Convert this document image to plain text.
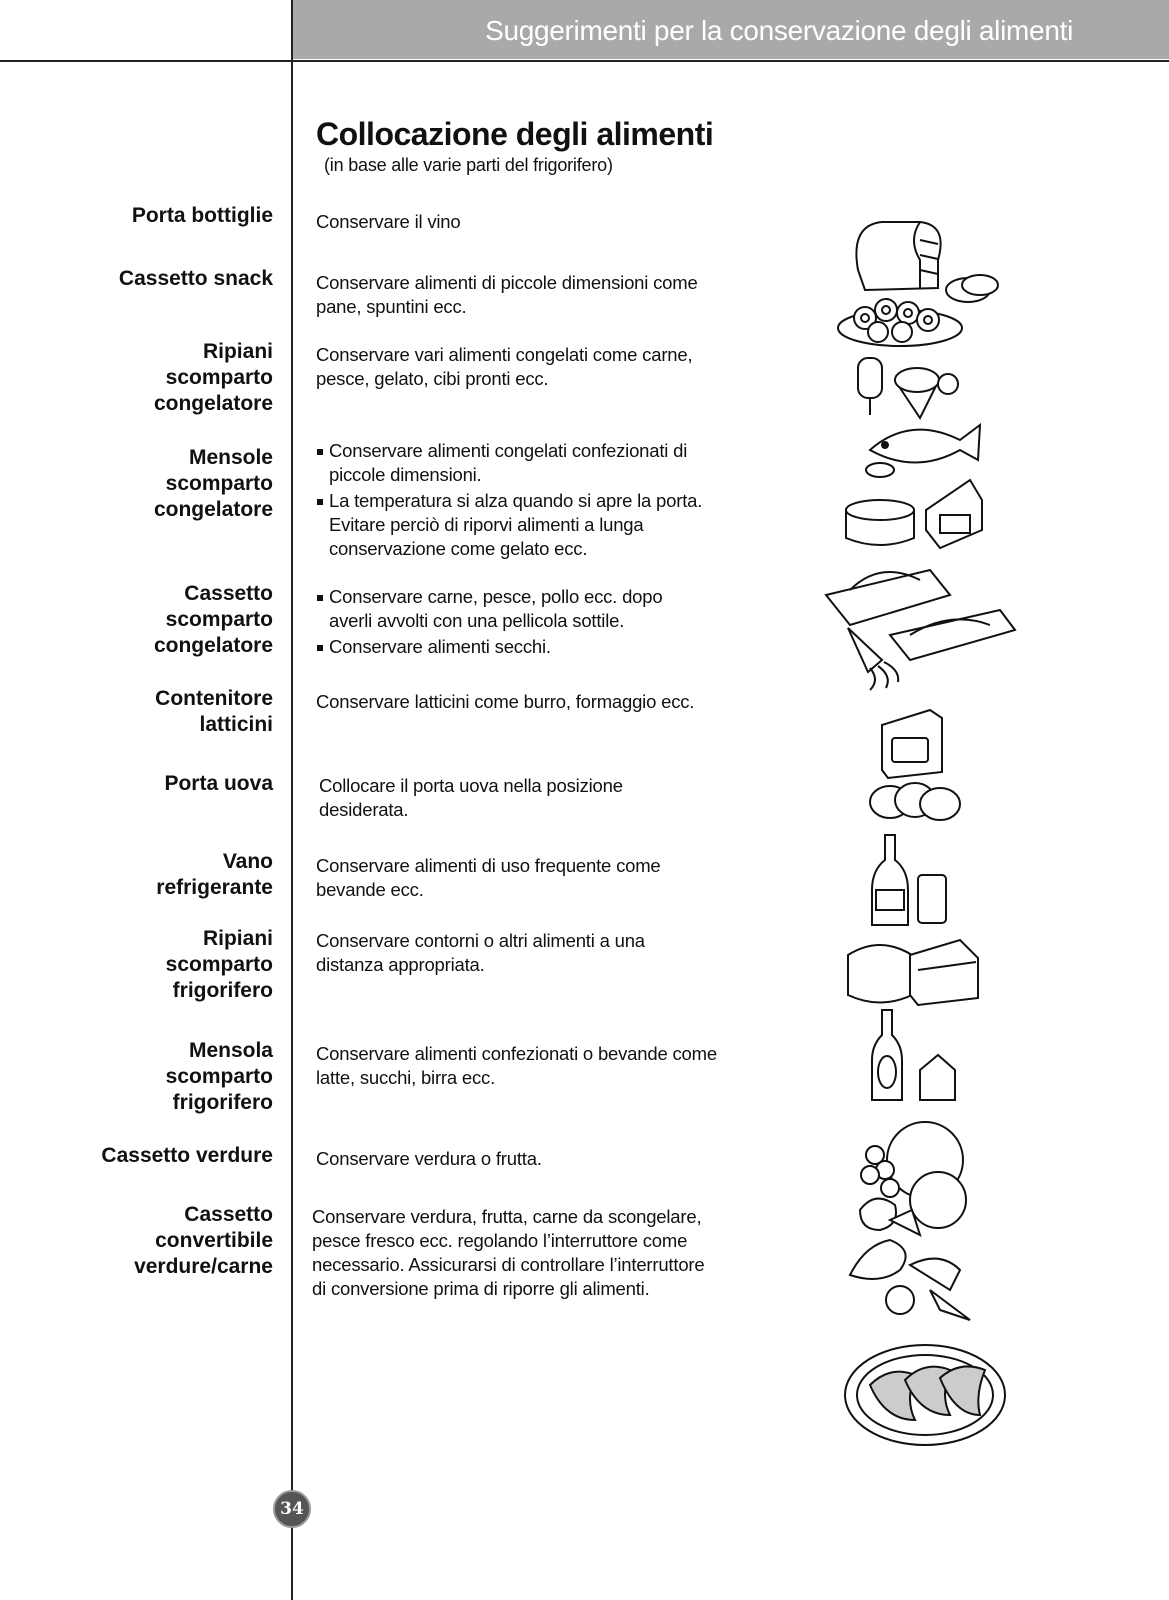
Suggerimenti per la conservazione degli alimenti
Collocazione degli alimenti
(in base alle varie parti del frigorifero)
Porta bottiglie
Cassetto snack
Ripiani
scomparto
congelatore
Mensole
scomparto
congelatore
Cassetto
scomparto
congelatore
Contenitore
latticini
Porta uova
Vano
refrigerante
Ripiani
scomparto
frigorifero
Mensola
scomparto
frigorifero
Cassetto verdure
Cassetto
convertibile
verdure/carne
Conservare il vino
Conservare alimenti di piccole dimensioni come pane, spuntini ecc.
Conservare vari alimenti congelati come carne, pesce, gelato, cibi pronti ecc.
Conservare alimenti congelati confezionati di piccole dimensioni.
La temperatura si alza quando si apre la porta. Evitare perciò di riporvi alimenti a lunga conservazione come gelato ecc.
Conservare carne, pesce, pollo ecc. dopo averli avvolti con una pellicola sottile.
Conservare alimenti secchi.
Conservare latticini come burro, formaggio ecc.
Collocare il porta uova nella posizione desiderata.
Conservare alimenti di uso frequente come bevande ecc.
Conservare contorni o altri alimenti a una distanza appropriata.
Conservare alimenti confezionati o bevande come latte, succhi, birra ecc.
Conservare verdura o frutta.
Conservare verdura, frutta, carne da scongelare, pesce fresco ecc. regolando l’interruttore come necessario. Assicurarsi di controllare l’interruttore di conversione prima di riporre gli alimenti.
34
